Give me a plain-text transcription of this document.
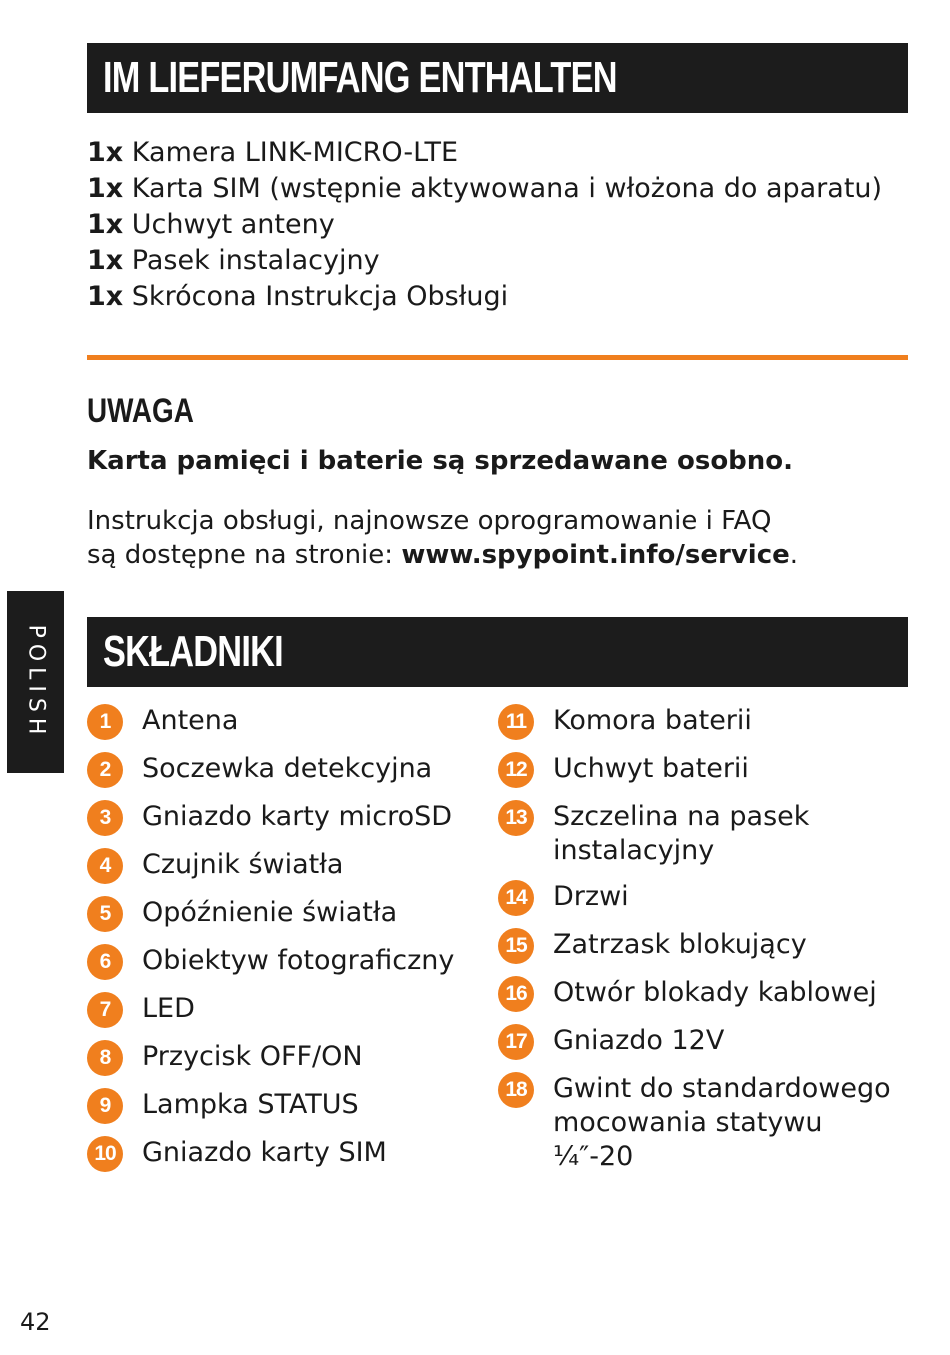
IM LIEFERUMFANG ENTHALTEN
1x Kamera LINK-MICRO-LTE
1x Karta SIM (wstępnie aktywowana i włożona do aparatu)
1x Uchwyt anteny
1x Pasek instalacyjny
1x Skrócona Instrukcja Obsługi
UWAGA
Karta pamięci i baterie są sprzedawane osobno.
Instrukcja obsługi, najnowsze oprogramowanie i FAQ
są dostępne na stronie: www.spypoint.info/service.
POLISH SKŁADNIKI
1	Antena
2	Soczewka detekcyjna
3	Gniazdo karty microSD
4	Czujnik światła
5	Opóźnienie światła
6	Obiektyw fotograficzny
7	LED
8	Przycisk OFF/ON
9	Lampka STATUS
10 Gniazdo karty SIM
11 Komora baterii
12 Uchwyt baterii
13 Szczelina na pasek
instalacyjny
14 Drzwi
15 Zatrzask blokujący
16 Otwór blokady kablowej
17 Gniazdo 12V
18 Gwint do standardowego
mocowania statywu ¼″-20
42
